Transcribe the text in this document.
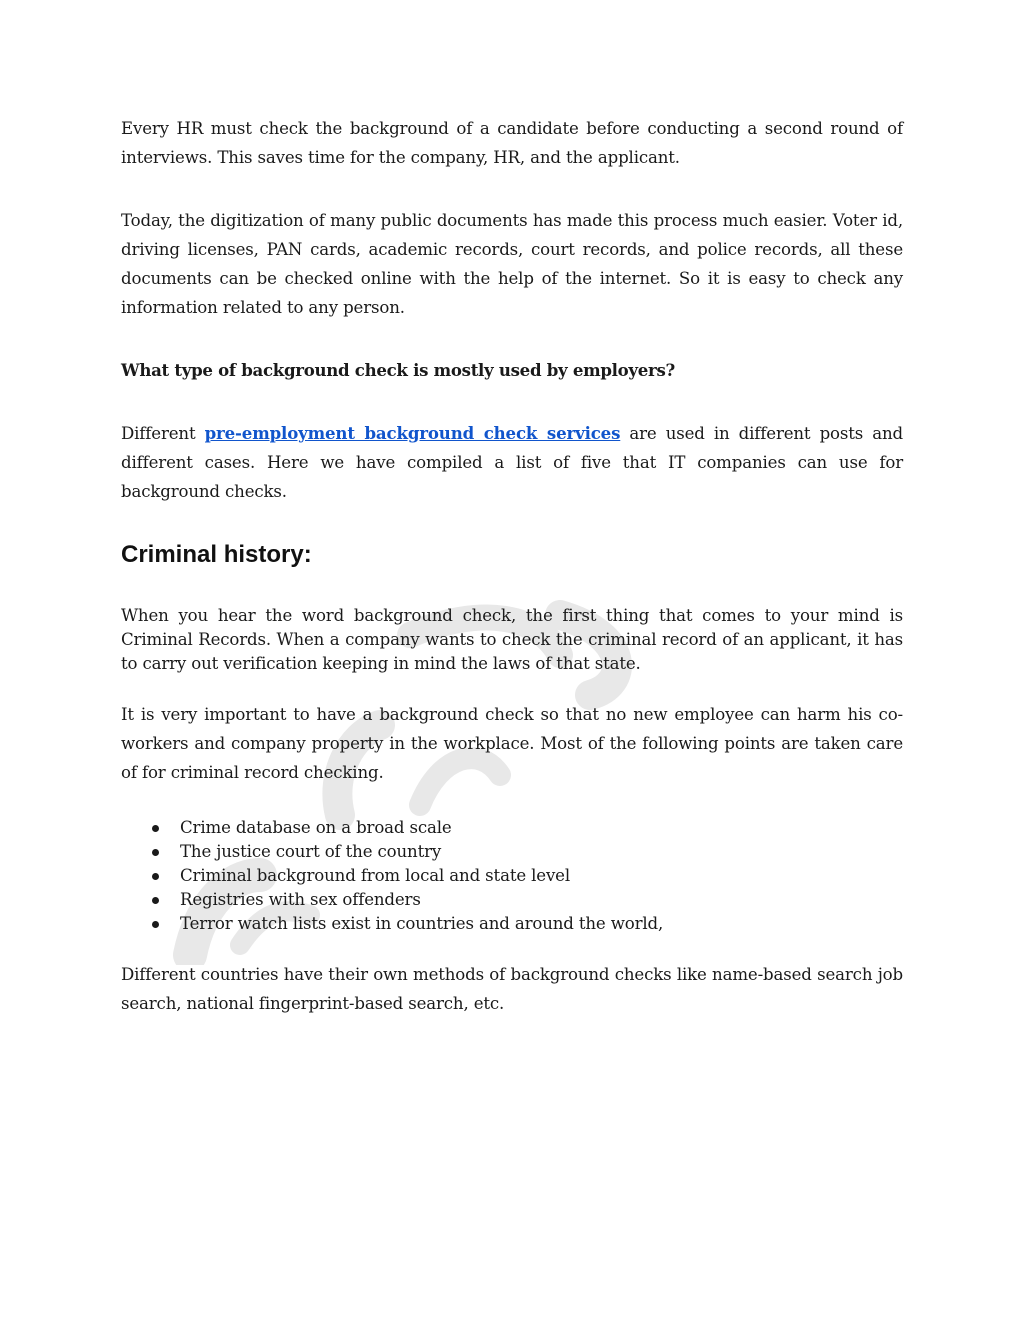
Every HR must check the background of a candidate before conducting a second round of interviews. This saves time for the company, HR, and the applicant.

Today, the digitization of many public documents has made this process much easier. Voter id, driving licenses, PAN cards, academic records, court records, and police records, all these documents can be checked online with the help of the internet. So it is easy to check any information related to any person.

What type of background check is mostly used by employers?

Different pre-employment background check services are used in different posts and different cases. Here we have compiled a list of five that IT companies can use for background checks.

Criminal history:

When you hear the word background check, the first thing that comes to your mind is Criminal Records. When a company wants to check the criminal record of an applicant, it has to carry out verification keeping in mind the laws of that state.

It is very important to have a background check so that no new employee can harm his co-workers and company property in the workplace. Most of the following points are taken care of for criminal record checking.

Crime database on a broad scale
The justice court of the country
Criminal background from local and state level
Registries with sex offenders
Terror watch lists exist in countries and around the world,

Different countries have their own methods of background checks like name-based search job search, national fingerprint-based search, etc.
